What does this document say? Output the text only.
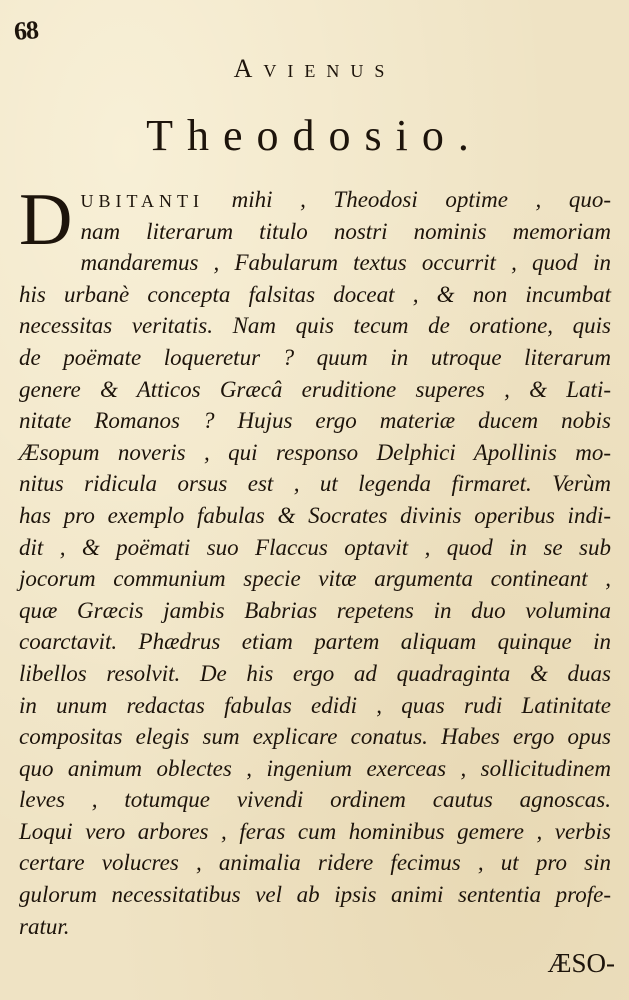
68
Avienus
Theodosio.
D UBITANTI mihi , Theodosi optime , quo-
nam literarum titulo nostri nominis memoriam
mandaremus , Fabularum textus occurrit , quod in
his urbanè concepta falsitas doceat , & non incumbat
necessitas veritatis. Nam quis tecum de oratione, quis
de poëmate loqueretur ? quum in utroque literarum
genere & Atticos Græcâ eruditione superes , & Lati-
nitate Romanos ? Hujus ergo materiæ ducem nobis
Æsopum noveris , qui responso Delphici Apollinis mo-
nitus ridicula orsus est , ut legenda firmaret. Verùm
has pro exemplo fabulas & Socrates divinis operibus indi-
dit , & poëmati suo Flaccus optavit , quod in se sub
jocorum communium specie vitæ argumenta contineant ,
quæ Græcis jambis Babrias repetens in duo volumina
coarctavit. Phædrus etiam partem aliquam quinque in
libellos resolvit. De his ergo ad quadraginta & duas
in unum redactas fabulas edidi , quas rudi Latinitate
compositas elegis sum explicare conatus. Habes ergo opus
quo animum oblectes , ingenium exerceas , sollicitudinem
leves , totumque vivendi ordinem cautus agnoscas.
Loqui vero arbores , feras cum hominibus gemere , verbis
certare volucres , animalia ridere fecimus , ut pro sin
gulorum necessitatibus vel ab ipsis animi sententia profe-
ratur.
ÆSO-
